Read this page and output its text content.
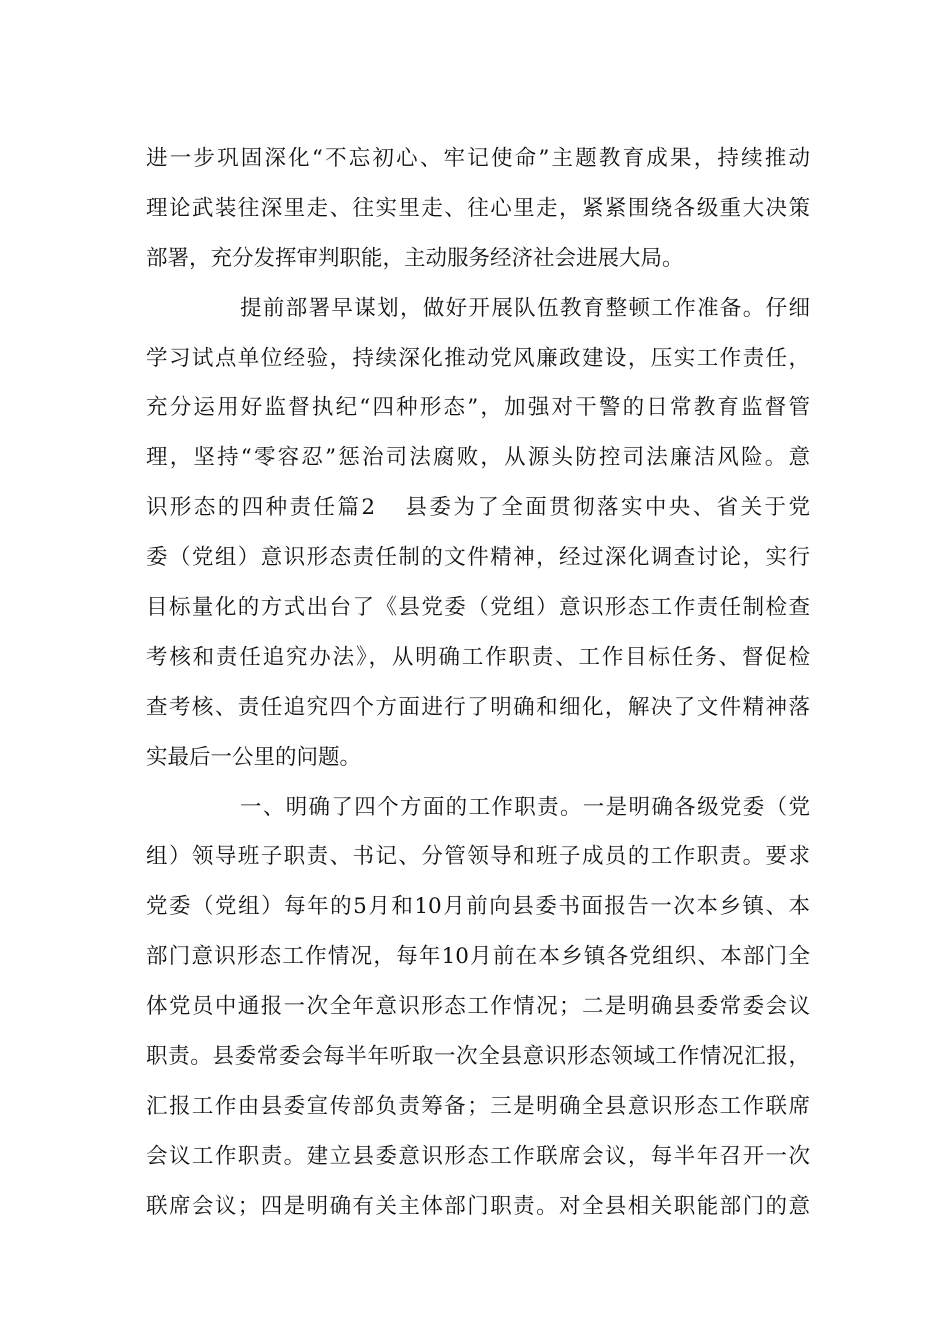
进一步巩固深化“不忘初心、牢记使命”主题教育成果，持续推动
理论武装往深里走、往实里走、往心里走，紧紧围绕各级重大决策
部署，充分发挥审判职能，主动服务经济社会进展大局。
提前部署早谋划，做好开展队伍教育整顿工作准备。仔细
学习试点单位经验，持续深化推动党风廉政建设，压实工作责任，
充分运用好监督执纪“四种形态”，加强对干警的日常教育监督管
理，坚持“零容忍”惩治司法腐败，从源头防控司法廉洁风险。意
识形态的四种责任篇2 县委为了全面贯彻落实中央、省关于党
委（党组）意识形态责任制的文件精神，经过深化调查讨论，实行
目标量化的方式出台了《县党委（党组）意识形态工作责任制检查
考核和责任追究办法》，从明确工作职责、工作目标任务、督促检
查考核、责任追究四个方面进行了明确和细化，解决了文件精神落
实最后一公里的问题。
一、明确了四个方面的工作职责。一是明确各级党委（党
组）领导班子职责、书记、分管领导和班子成员的工作职责。要求
党委（党组）每年的5月和10月前向县委书面报告一次本乡镇、本
部门意识形态工作情况，每年10月前在本乡镇各党组织、本部门全
体党员中通报一次全年意识形态工作情况；二是明确县委常委会议
职责。县委常委会每半年听取一次全县意识形态领域工作情况汇报，
汇报工作由县委宣传部负责筹备；三是明确全县意识形态工作联席
会议工作职责。建立县委意识形态工作联席会议，每半年召开一次
联席会议；四是明确有关主体部门职责。对全县相关职能部门的意
